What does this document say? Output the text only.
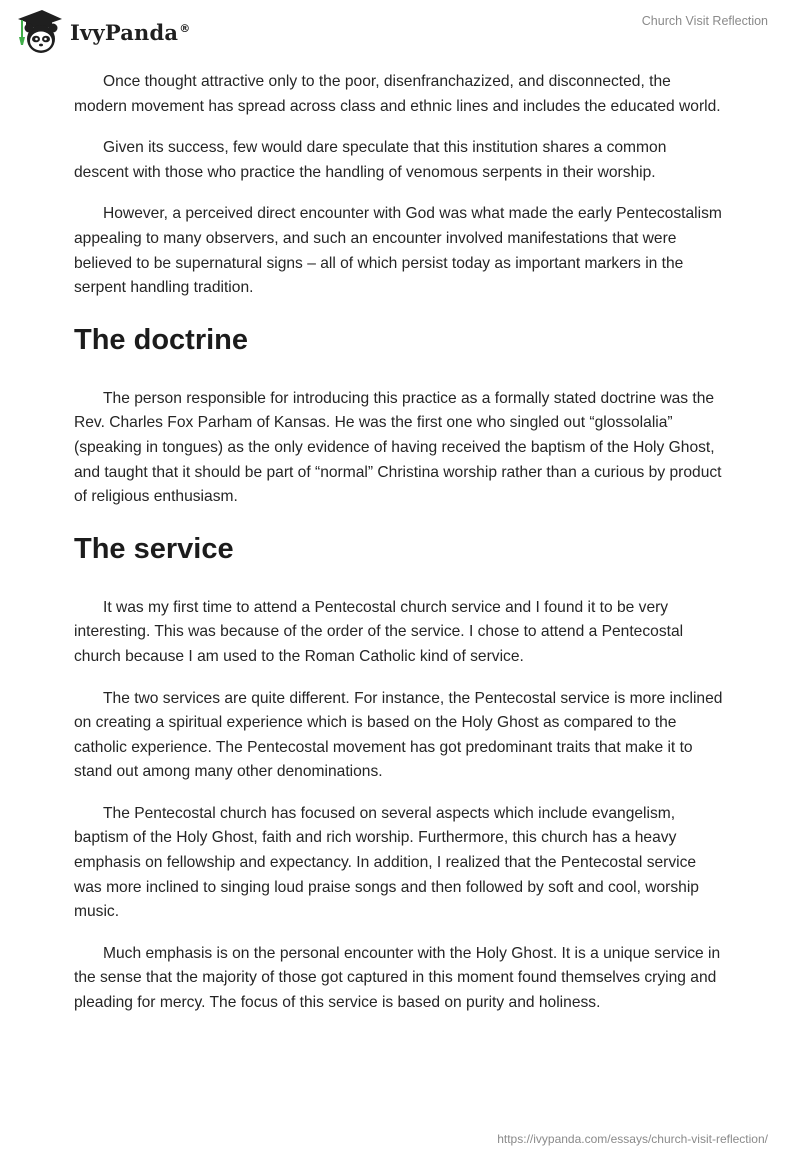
IvyPanda®	Church Visit Reflection

Once thought attractive only to the poor, disenfranchazized, and disconnected, the modern movement has spread across class and ethnic lines and includes the educated world.

Given its success, few would dare speculate that this institution shares a common descent with those who practice the handling of venomous serpents in their worship.

However, a perceived direct encounter with God was what made the early Pentecostalism appealing to many observers, and such an encounter involved manifestations that were believed to be supernatural signs – all of which persist today as important markers in the serpent handling tradition.

The doctrine

The person responsible for introducing this practice as a formally stated doctrine was the Rev. Charles Fox Parham of Kansas. He was the first one who singled out “glossolalia” (speaking in tongues) as the only evidence of having received the baptism of the Holy Ghost, and taught that it should be part of “normal” Christina worship rather than a curious by product of religious enthusiasm.

The service

It was my first time to attend a Pentecostal church service and I found it to be very interesting. This was because of the order of the service. I chose to attend a Pentecostal church because I am used to the Roman Catholic kind of service.

The two services are quite different. For instance, the Pentecostal service is more inclined on creating a spiritual experience which is based on the Holy Ghost as compared to the catholic experience. The Pentecostal movement has got predominant traits that make it to stand out among many other denominations.

The Pentecostal church has focused on several aspects which include evangelism, baptism of the Holy Ghost, faith and rich worship. Furthermore, this church has a heavy emphasis on fellowship and expectancy. In addition, I realized that the Pentecostal service was more inclined to singing loud praise songs and then followed by soft and cool, worship music.

Much emphasis is on the personal encounter with the Holy Ghost. It is a unique service in the sense that the majority of those got captured in this moment found themselves crying and pleading for mercy. The focus of this service is based on purity and holiness.

https://ivypanda.com/essays/church-visit-reflection/
